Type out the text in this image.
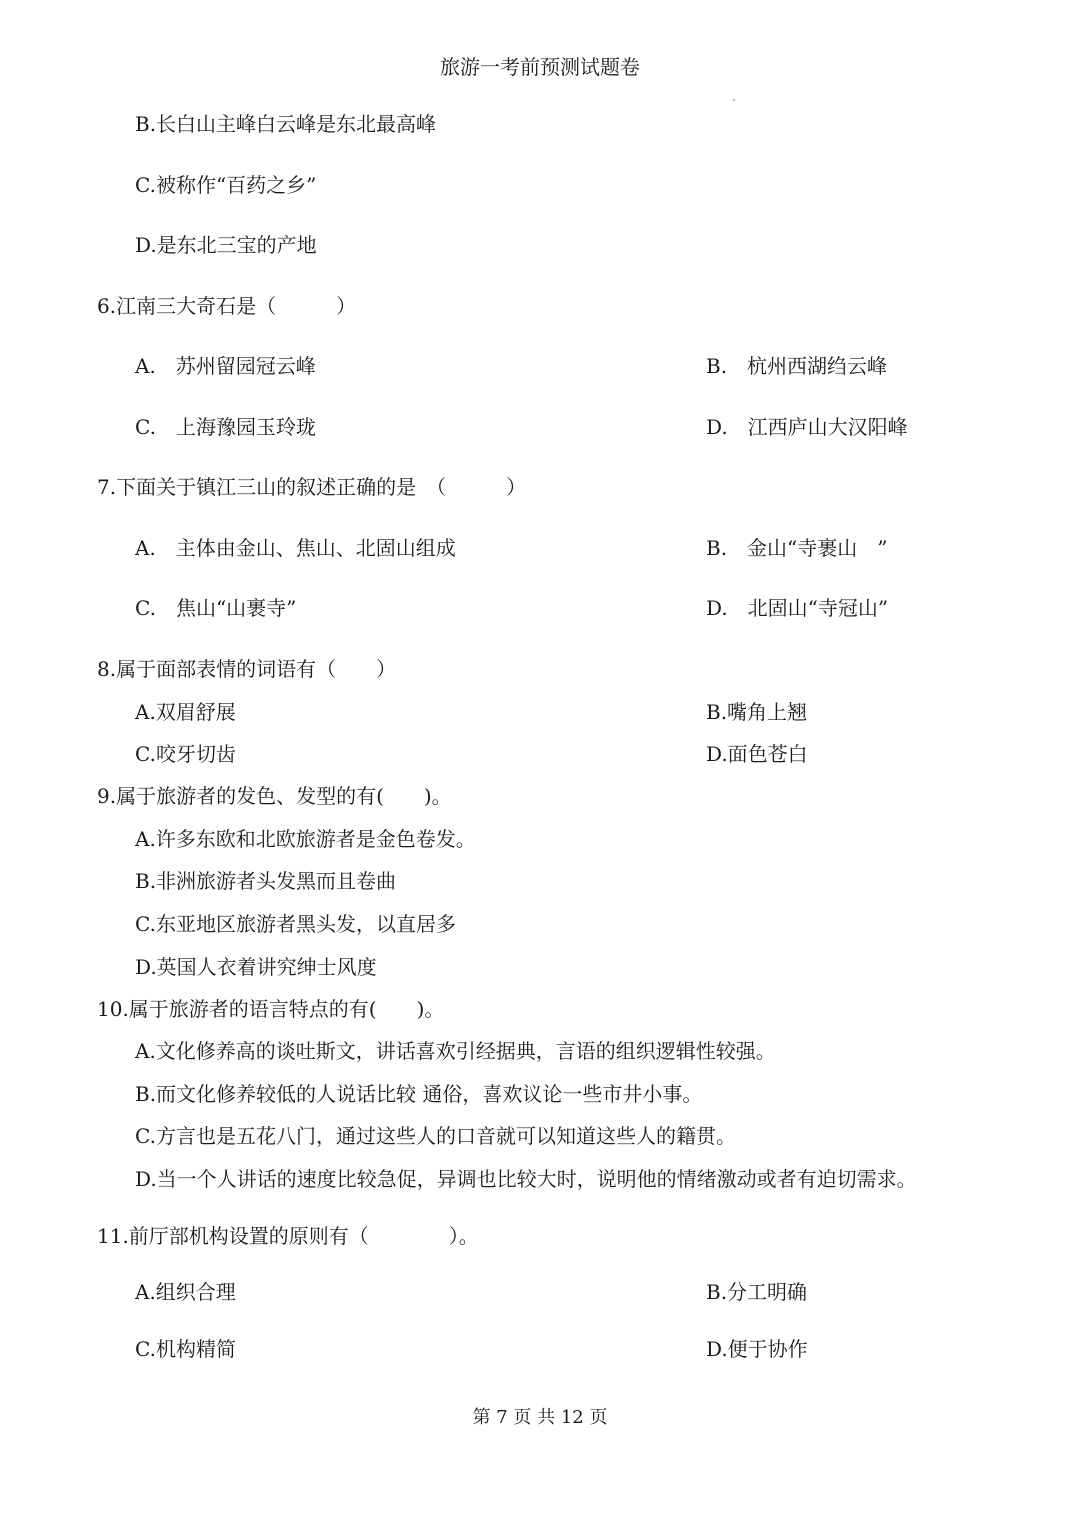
旅游一考前预测试题卷
B.长白山主峰白云峰是东北最高峰
C.被称作“百药之乡”
D.是东北三宝的产地
6.江南三大奇石是（　　　）
A.　苏州留园冠云峰	B.　杭州西湖绉云峰
C.　上海豫园玉玲珑	D.　江西庐山大汉阳峰
7.下面关于镇江三山的叙述正确的是　（　　　）
A.　主体由金山、焦山、北固山组成	B.　金山“寺裹山　”
C.　焦山“山裹寺”	D.　北固山“寺冠山”
8.属于面部表情的词语有（　　）
A.双眉舒展	B.嘴角上翘
C.咬牙切齿	D.面色苍白
9.属于旅游者的发色、发型的有(　　)。
A.许多东欧和北欧旅游者是金色卷发。
B.非洲旅游者头发黑而且卷曲
C.东亚地区旅游者黑头发，以直居多
D.英国人衣着讲究绅士风度
10.属于旅游者的语言特点的有(　　)。
A.文化修养高的谈吐斯文，讲话喜欢引经据典，言语的组织逻辑性较强。
B.而文化修养较低的人说话比较 通俗，喜欢议论一些市井小事。
C.方言也是五花八门，通过这些人的口音就可以知道这些人的籍贯。
D.当一个人讲话的速度比较急促，异调也比较大时，说明他的情绪激动或者有迫切需求。
11.前厅部机构设置的原则有（　　　　）。
A.组织合理	B.分工明确
C.机构精简	D.便于协作
第 7 页 共 12 页
